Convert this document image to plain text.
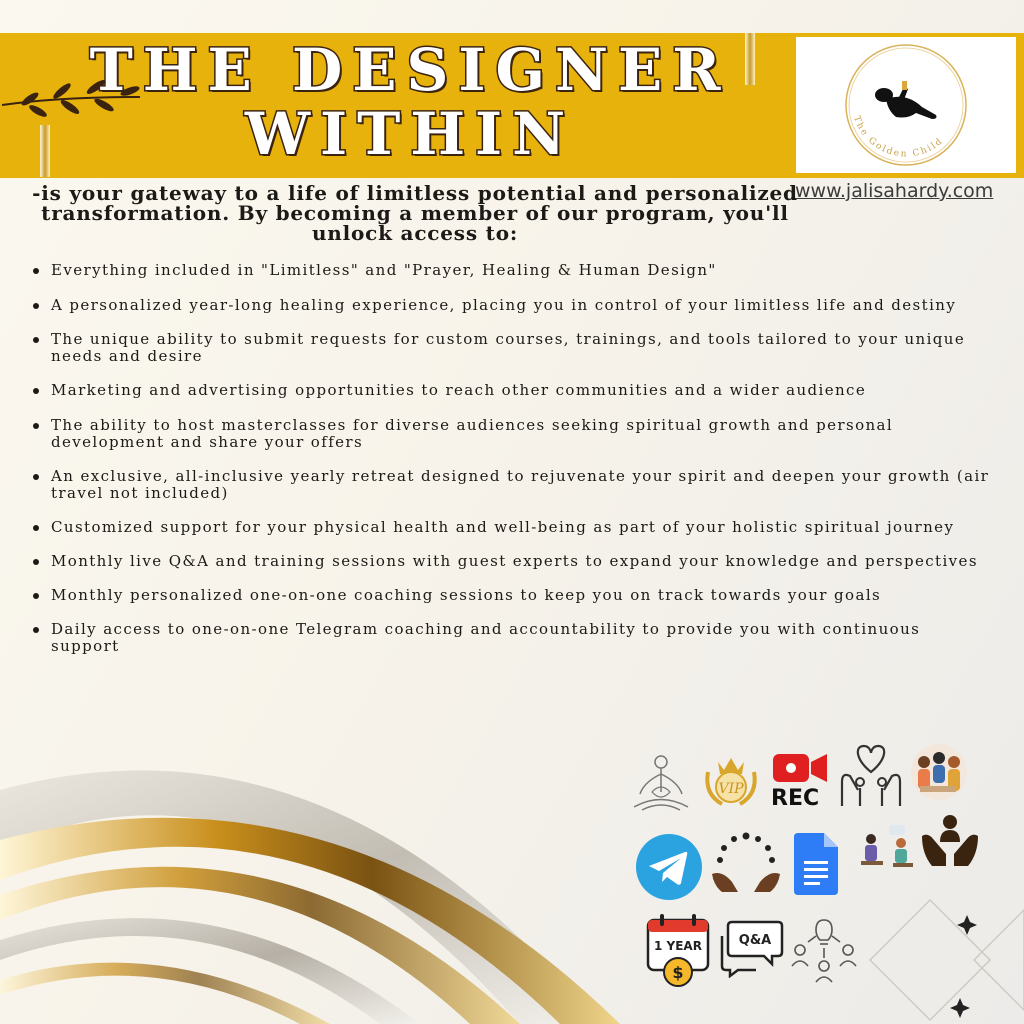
The Golden Child
THE DESIGNER
WITHIN
www.jalisahardy.com
-is your gateway to a life of limitless potential and personalized transformation. By becoming a member of our program, you'll unlock access to:
Everything included in "Limitless" and "Prayer, Healing & Human Design"
A personalized year-long healing experience, placing you in control of your limitless life and destiny
The unique ability to submit requests for custom courses, trainings, and tools tailored to your unique needs and desire
Marketing and advertising opportunities to reach other communities and a wider audience
The ability to host masterclasses for diverse audiences seeking spiritual growth and personal development and share your offers
An exclusive, all-inclusive yearly retreat designed to rejuvenate your spirit and deepen your growth (air travel not included)
Customized support for your physical health and well-being as part of your holistic spiritual journey
Monthly live Q&A and training sessions with guest experts to expand your knowledge and perspectives
Monthly personalized one-on-one coaching sessions to keep you on track towards your goals
Daily access to one-on-one Telegram coaching and accountability to provide you with continuous support
VIP REC
1 YEAR
$
Q&A
